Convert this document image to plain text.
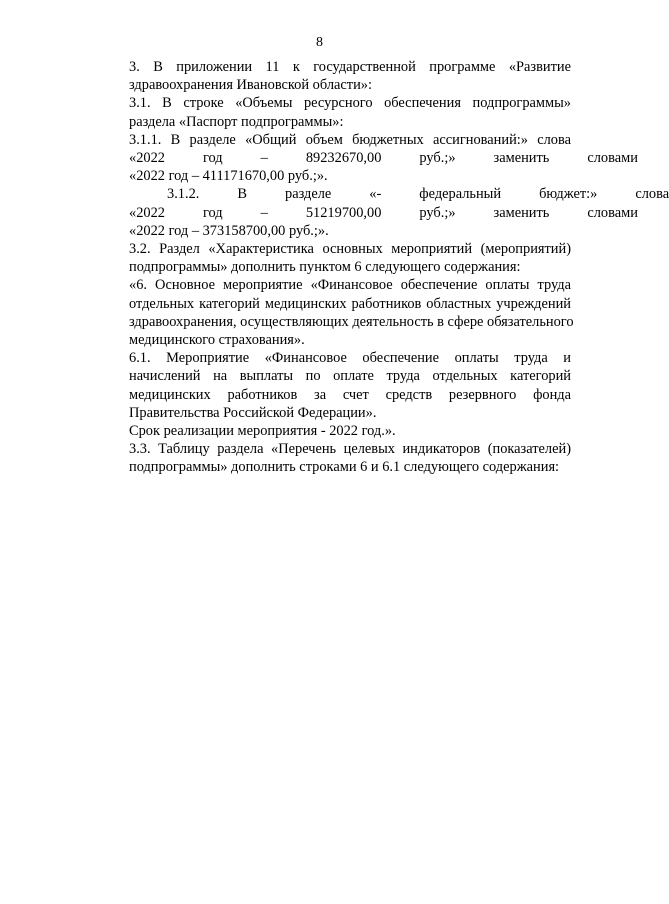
8
3. В приложении 11 к государственной программе «Развитие
здравоохранения Ивановской области»:
3.1. В строке «Объемы ресурсного обеспечения подпрограммы»
раздела «Паспорт подпрограммы»:
3.1.1. В разделе «Общий объем бюджетных ассигнований:» слова
«2022	год	–	89232670,00	руб.;»	заменить	словами
«2022 год – 411171670,00 руб.;».
3.1.2.	В	разделе	«-	федеральный	бюджет:»	слова
«2022	год	–	51219700,00	руб.;»	заменить	словами
«2022 год – 373158700,00 руб.;».
3.2. Раздел «Характеристика основных мероприятий (мероприятий)
подпрограммы» дополнить пунктом 6 следующего содержания:
«6. Основное мероприятие «Финансовое обеспечение оплаты труда
отдельных категорий медицинских работников областных учреждений
здравоохранения, осуществляющих деятельность в сфере обязательного
медицинского страхования».
6.1. Мероприятие «Финансовое обеспечение оплаты труда и
начислений на выплаты по оплате труда отдельных категорий
медицинских работников за счет средств резервного фонда
Правительства Российской Федерации».
Срок реализации мероприятия - 2022 год.».
3.3. Таблицу раздела «Перечень целевых индикаторов (показателей)
подпрограммы» дополнить строками 6 и 6.1 следующего содержания:
